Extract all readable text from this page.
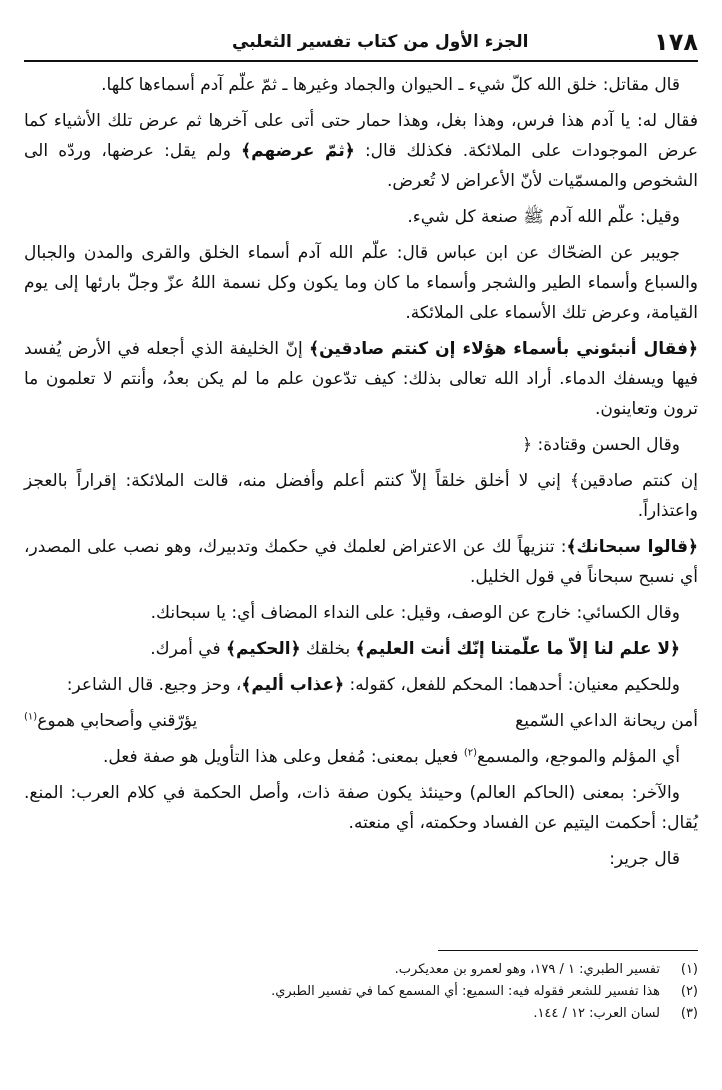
١٧٨
الجزء الأول من كتاب تفسير الثعلبي

قال مقاتل: خلق الله كلّ شيء ـ الحيوان والجماد وغيرها ـ ثمّ علّم آدم أسماءها كلها.

فقال له: يا آدم هذا فرس، وهذا بغل، وهذا حمار حتى أتى على آخرها ثم عرض تلك الأشياء كما عرض الموجودات على الملائكة. فكذلك قال: ﴿ثمّ عرضهم﴾ ولم يقل: عرضها، وردّه الى الشخوص والمسمّيات لأنّ الأعراض لا تُعرض.

وقيل: علّم الله آدم ﷺ صنعة كل شيء.

جويبر عن الضحّاك عن ابن عباس قال: علّم الله آدم أسماء الخلق والقرى والمدن والجبال والسباع وأسماء الطير والشجر وأسماء ما كان وما يكون وكل نسمة اللهُ عزّ وجلّ بارئها إلى يوم القيامة، وعرض تلك الأسماء على الملائكة.

﴿فقال أنبئوني بأسماء هؤلاء إن كنتم صادقين﴾ إنّ الخليفة الذي أجعله في الأرض يُفسد فيها ويسفك الدماء. أراد الله تعالى بذلك: كيف تدّعون علم ما لم يكن بعدُ، وأنتم لا تعلمون ما ترون وتعاينون.

وقال الحسن وقتادة: ﴿

إن كنتم صادقين﴾ إني لا أخلق خلقاً إلاّ كنتم أعلم وأفضل منه، قالت الملائكة: إقراراً بالعجز واعتذاراً.

﴿قالوا سبحانك﴾: تنزيهاً لك عن الاعتراض لعلمك في حكمك وتدبيرك، وهو نصب على المصدر، أي نسبح سبحاناً في قول الخليل.

وقال الكسائي: خارج عن الوصف، وقيل: على النداء المضاف أي: يا سبحانك.

﴿لا علم لنا إلاّ ما علّمتنا إنّك أنت العليم﴾ بخلقك ﴿الحكيم﴾ في أمرك.

وللحكيم معنيان: أحدهما: المحكم للفعل، كقوله: ﴿عذاب أليم﴾، وحز وجيع. قال الشاعر:

أمن ريحانة الداعي السّميع
يؤرّقني وأصحابي هموع$^{(١)}$

أي المؤلم والموجع، والمسمع$^{(٢)}$ فعيل بمعنى: مُفعل وعلى هذا التأويل هو صفة فعل.

والآخر: بمعنى (الحاكم العالم) وحينئذ يكون صفة ذات، وأصل الحكمة في كلام العرب: المنع. يُقال: أحكمت اليتيم عن الفساد وحكمته، أي منعته.

قال جرير:

(١)
تفسير الطبري: ١ / ١٧٩، وهو لعمرو بن معديكرب.
(٢)
هذا تفسير للشعر فقوله فيه: السميع: أي المسمع كما في تفسير الطبري.
(٣)
لسان العرب: ١٢ / ١٤٤.
